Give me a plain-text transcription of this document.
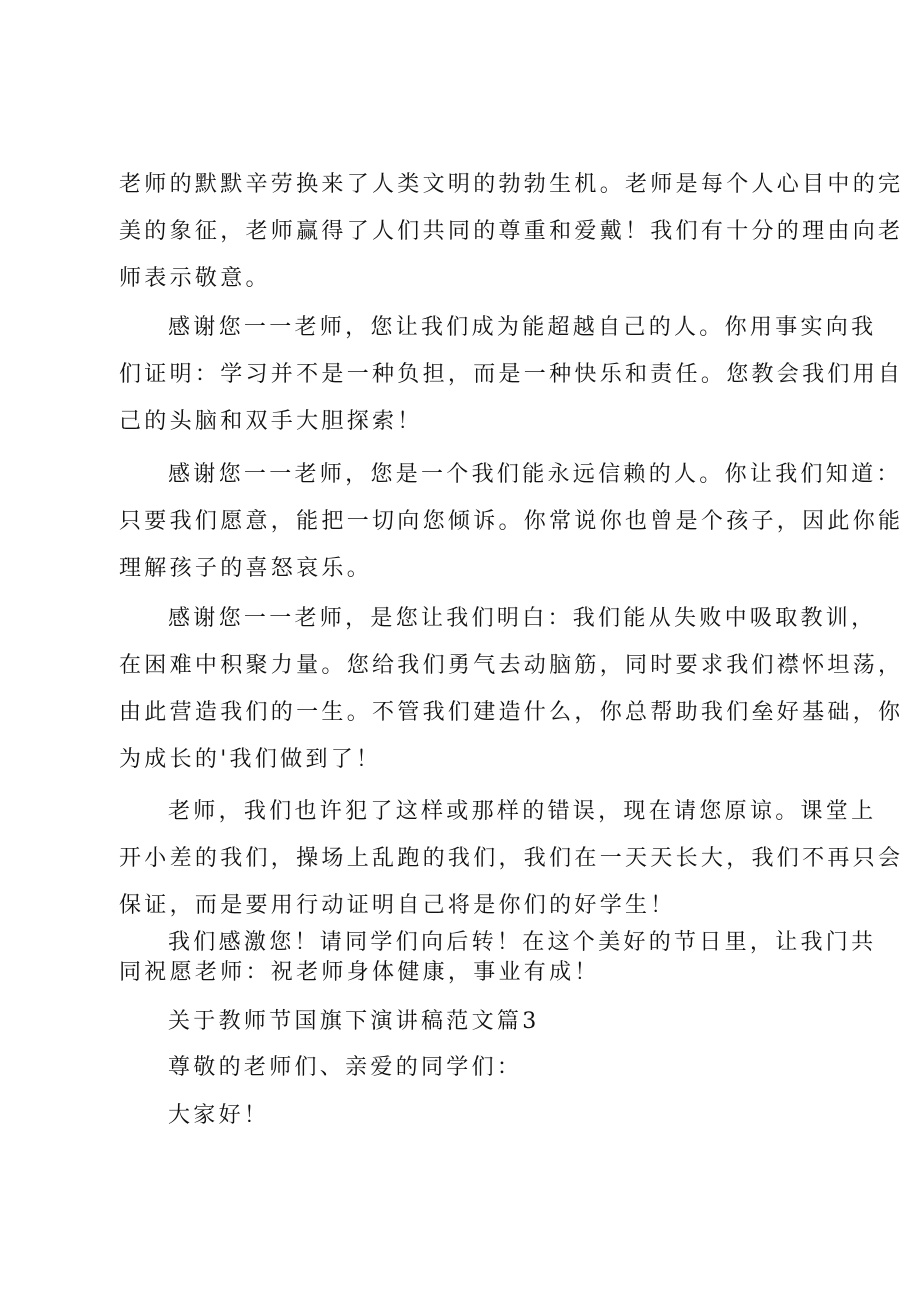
老师的默默辛劳换来了人类文明的勃勃生机。老师是每个人心目中的完
美的象征，老师赢得了人们共同的尊重和爱戴！我们有十分的理由向老
师表示敬意。
感谢您一一老师，您让我们成为能超越自己的人。你用事实向我
们证明：学习并不是一种负担，而是一种快乐和责任。您教会我们用自
己的头脑和双手大胆探索！
感谢您一一老师，您是一个我们能永远信赖的人。你让我们知道：
只要我们愿意，能把一切向您倾诉。你常说你也曾是个孩子，因此你能
理解孩子的喜怒哀乐。
感谢您一一老师，是您让我们明白：我们能从失败中吸取教训，
在困难中积聚力量。您给我们勇气去动脑筋，同时要求我们襟怀坦荡，
由此营造我们的一生。不管我们建造什么，你总帮助我们垒好基础，你
为成长的'我们做到了！
老师，我们也许犯了这样或那样的错误，现在请您原谅。课堂上
开小差的我们，操场上乱跑的我们，我们在一天天长大，我们不再只会
保证，而是要用行动证明自己将是你们的好学生！
我们感激您！请同学们向后转！在这个美好的节日里，让我门共
同祝愿老师：祝老师身体健康，事业有成！
关于教师节国旗下演讲稿范文篇3
尊敬的老师们、亲爱的同学们：
大家好！
